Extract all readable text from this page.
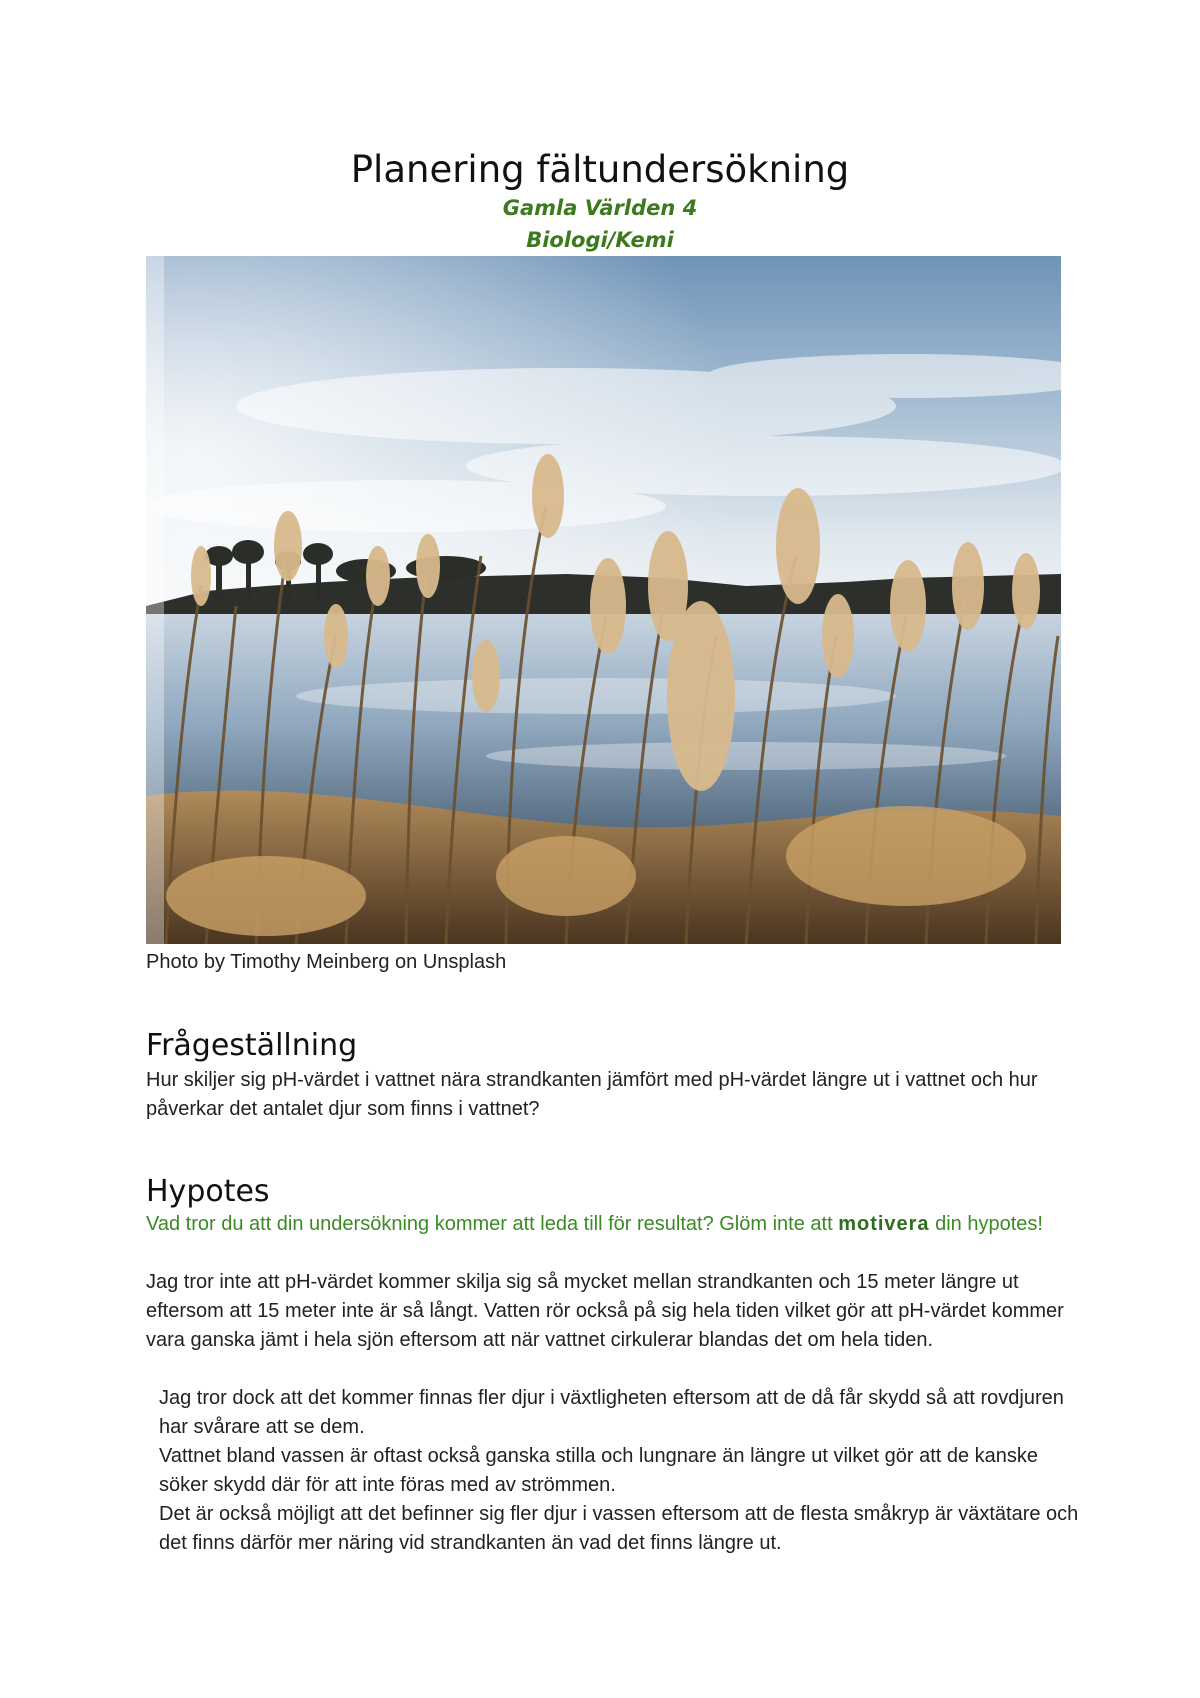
Planering fältundersökning
Gamla Världen 4
Biologi/Kemi
Photo by Timothy Meinberg on Unsplash
Frågeställning
Hur skiljer sig pH-värdet i vattnet nära strandkanten jämfört med pH-värdet längre ut i vattnet och hur påverkar det antalet djur som finns i vattnet?
Hypotes
Vad tror du att din undersökning kommer att leda till för resultat? Glöm inte att motivera din hypotes!
Jag tror inte att pH-värdet kommer skilja sig så mycket mellan strandkanten och 15 meter längre ut eftersom att 15 meter inte är så långt. Vatten rör också på sig hela tiden vilket gör att pH-värdet kommer vara ganska jämt i hela sjön eftersom att när vattnet cirkulerar blandas det om hela tiden.
Jag tror dock att det kommer finnas fler djur i växtligheten eftersom att de då får skydd så att rovdjuren har svårare att se dem.
Vattnet bland vassen är oftast också ganska stilla och lungnare än längre ut vilket gör att de kanske söker skydd där för att inte föras med av strömmen.
Det är också möjligt att det befinner sig fler djur i vassen eftersom att de flesta småkryp är växtätare och det finns därför mer näring vid strandkanten än vad det finns längre ut.
